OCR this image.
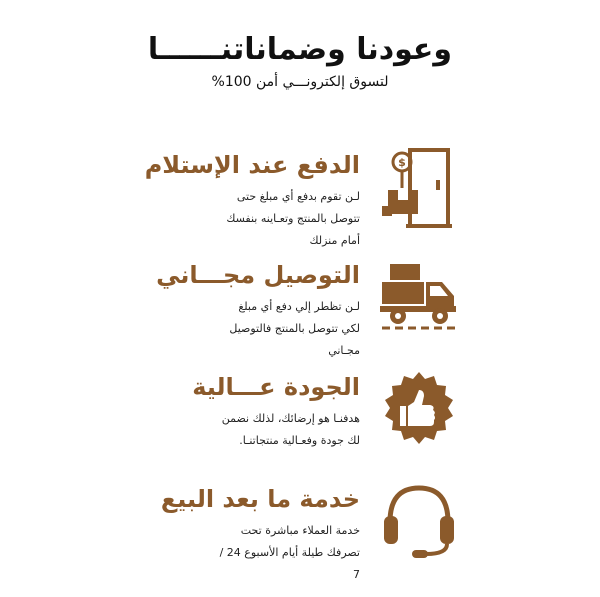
وعودنا وضماناتنــــــا

لتسوق إلكترونـــي أمن 100%

$
الدفع عند الإستلام

لـن تقوم بدفع أي مبلغ حتى تتوصل بالمنتج وتعـاينه بنفسك أمام منزلك

التوصيل مجـــاني

لـن تظطر إلي دفع أي مبلغ لكي تتوصل بالمنتج فالتوصيل مجـاني

الجودة عـــالية

هدفنـا هو إرضائك، لذلك نضمن لك جودة وفعـالية منتجاتنـا.

خدمة ما بعد البيع

خدمة العملاء مباشرة تحت تصرفك طيلة أيام الأسبوع 24 / 7
